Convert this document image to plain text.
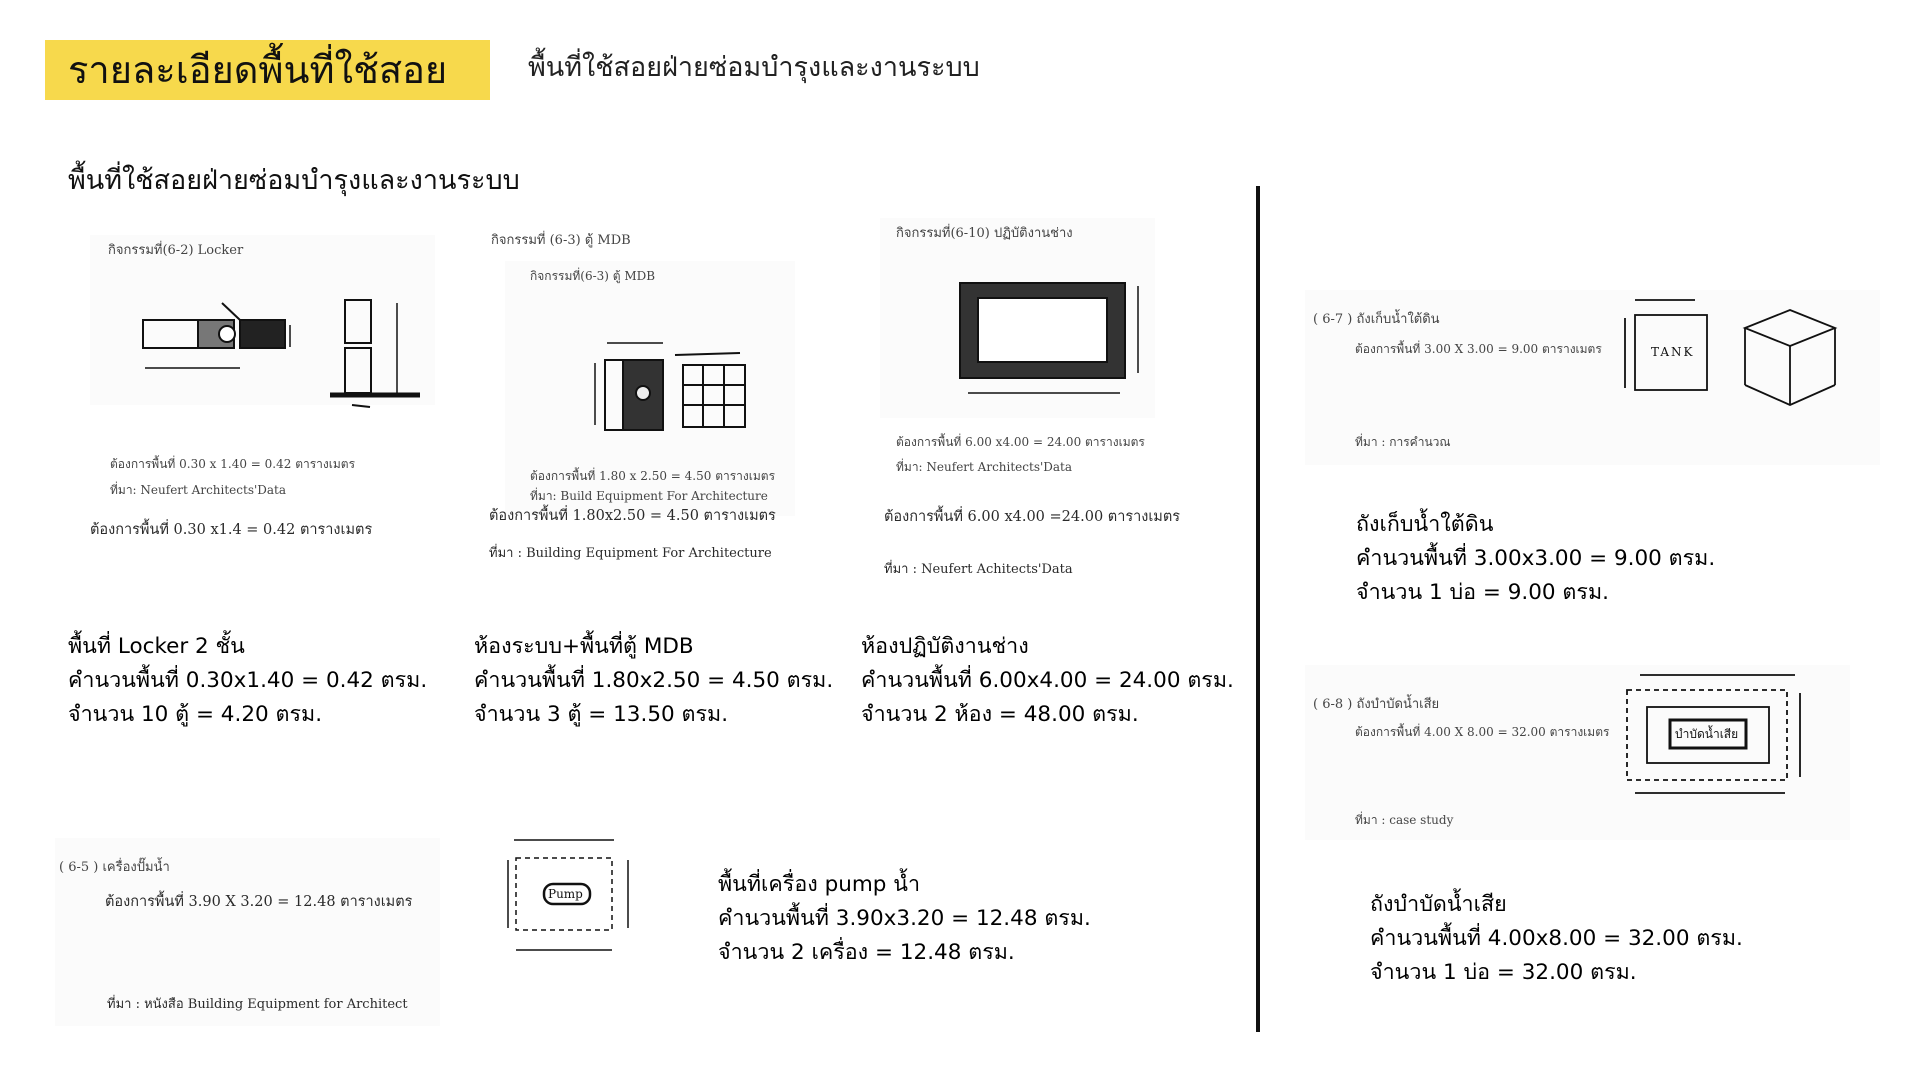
รายละเอียดพื้นที่ใช้สอย	พื้นที่ใช้สอยฝ่ายซ่อมบำรุงและงานระบบ
พื้นที่ใช้สอยฝ่ายซ่อมบำรุงและงานระบบ
กิจกรรมที่(6-2) Locker
ต้องการพื้นที่ 0.30 x 1.40 = 0.42 ตารางเมตร
ที่มา: Neufert Architects'Data
ต้องการพื้นที่ 0.30 x1.4 = 0.42 ตารางเมตร
พื้นที่ Locker 2 ชั้น
คำนวนพื้นที่ 0.30x1.40 = 0.42 ตรม.
จำนวน 10 ตู้ = 4.20 ตรม.
กิจกรรมที่ (6-3) ตู้ MDB
กิจกรรมที่(6-3) ตู้ MDB
ต้องการพื้นที่ 1.80 x 2.50 = 4.50 ตารางเมตร
ที่มา: Build Equipment For Architecture
ต้องการพื้นที่ 1.80x2.50 = 4.50 ตารางเมตร
ที่มา : Building Equipment For Architecture
ห้องระบบ+พื้นที่ตู้ MDB
คำนวนพื้นที่ 1.80x2.50 = 4.50 ตรม.
จำนวน 3 ตู้ = 13.50 ตรม.
กิจกรรมที่(6-10) ปฏิบัติงานช่าง
ต้องการพื้นที่ 6.00 x4.00 = 24.00 ตารางเมตร
ที่มา: Neufert Architects'Data
ต้องการพื้นที่ 6.00 x4.00 =24.00 ตารางเมตร
ที่มา : Neufert Achitects'Data
ห้องปฏิบัติงานช่าง
คำนวนพื้นที่ 6.00x4.00 = 24.00 ตรม.
จำนวน 2 ห้อง = 48.00 ตรม.
( 6-5 ) เครื่องปั๊มน้ำ
ต้องการพื้นที่ 3.90 X 3.20 = 12.48 ตารางเมตร
ที่มา : หนังสือ Building Equipment for Architect
Pump	พื้นที่เครื่อง pump น้ำ
คำนวนพื้นที่ 3.90x3.20 = 12.48 ตรม.
จำนวน 2 เครื่อง = 12.48 ตรม.
( 6-7 ) ถังเก็บน้ำใต้ดิน
ต้องการพื้นที่ 3.00 X 3.00 = 9.00 ตารางเมตร
ที่มา : การคำนวณ
TANK
ถังเก็บน้ำใต้ดิน
คำนวนพื้นที่ 3.00x3.00 = 9.00 ตรม.
จำนวน 1 บ่อ = 9.00 ตรม.
( 6-8 ) ถังบำบัดน้ำเสีย
ต้องการพื้นที่ 4.00 X 8.00 = 32.00 ตารางเมตร
ที่มา : case study
บำบัดน้ำเสีย
ถังบำบัดน้ำเสีย
คำนวนพื้นที่ 4.00x8.00 = 32.00 ตรม.
จำนวน 1 บ่อ = 32.00 ตรม.
